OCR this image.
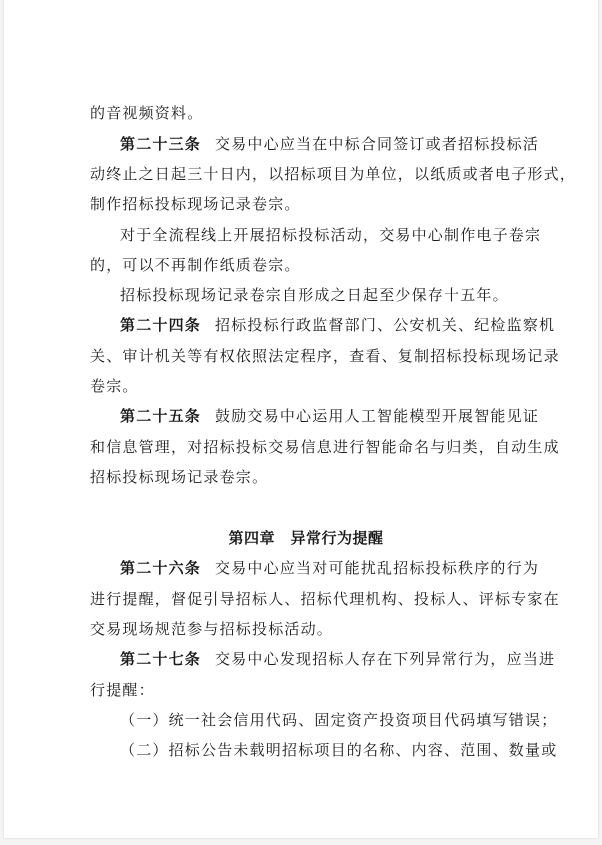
的音视频资料。
第二十三条 交易中心应当在中标合同签订或者招标投标活
动终止之日起三十日内，以招标项目为单位，以纸质或者电子形式，
制作招标投标现场记录卷宗。
对于全流程线上开展招标投标活动，交易中心制作电子卷宗
的，可以不再制作纸质卷宗。
招标投标现场记录卷宗自形成之日起至少保存十五年。
第二十四条 招标投标行政监督部门、公安机关、纪检监察机
关、审计机关等有权依照法定程序，查看、复制招标投标现场记录
卷宗。
第二十五条 鼓励交易中心运用人工智能模型开展智能见证
和信息管理，对招标投标交易信息进行智能命名与归类，自动生成
招标投标现场记录卷宗。
第四章　异常行为提醒
第二十六条 交易中心应当对可能扰乱招标投标秩序的行为
进行提醒，督促引导招标人、招标代理机构、投标人、评标专家在
交易现场规范参与招标投标活动。
第二十七条 交易中心发现招标人存在下列异常行为，应当进
行提醒：
（一）统一社会信用代码、固定资产投资项目代码填写错误；
（二）招标公告未载明招标项目的名称、内容、范围、数量或
